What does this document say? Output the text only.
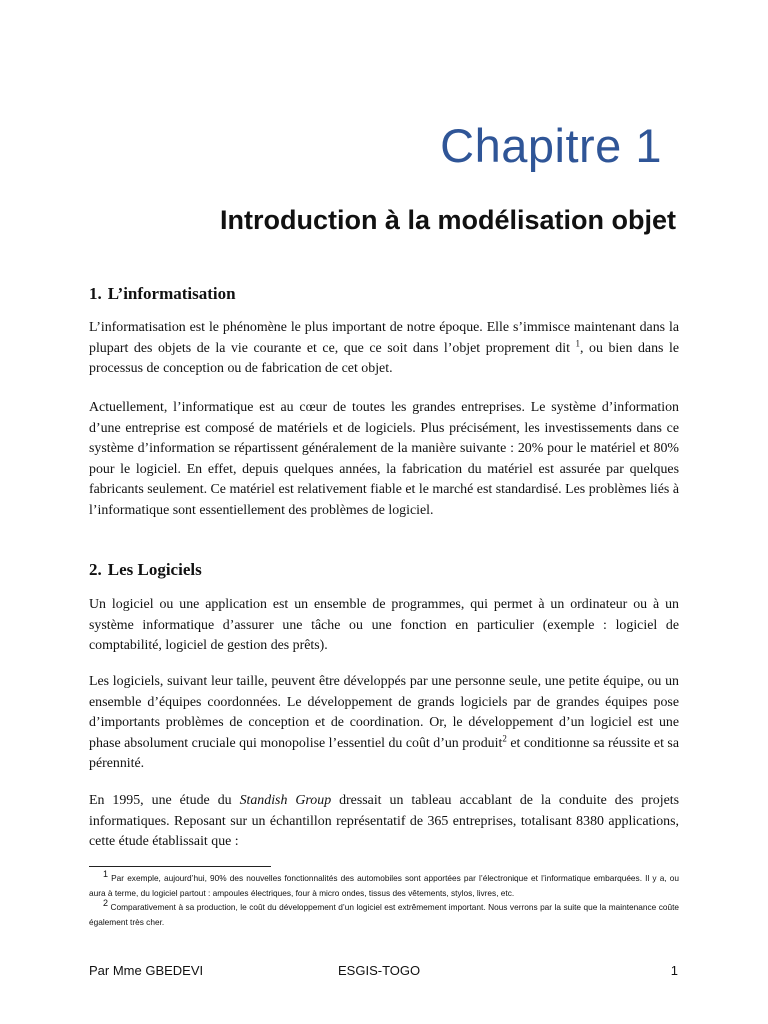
Chapitre 1
Introduction à la modélisation objet
1. L’informatisation

L’informatisation est le phénomène le plus important de notre époque. Elle s’immisce maintenant dans la plupart des objets de la vie courante et ce, que ce soit dans l’objet proprement dit $^1$, ou bien dans le processus de conception ou de fabrication de cet objet.

Actuellement, l’informatique est au cœur de toutes les grandes entreprises. Le système d’information d’une entreprise est composé de matériels et de logiciels. Plus précisément, les investissements dans ce système d’information se répartissent généralement de la manière suivante : 20% pour le matériel et 80% pour le logiciel. En effet, depuis quelques années, la fabrication du matériel est assurée par quelques fabricants seulement. Ce matériel est relativement fiable et le marché est standardisé. Les problèmes liés à l’informatique sont essentiellement des problèmes de logiciel.

2. Les Logiciels

Un logiciel ou une application est un ensemble de programmes, qui permet à un ordinateur ou à un système informatique d’assurer une tâche ou une fonction en particulier (exemple : logiciel de comptabilité, logiciel de gestion des prêts).

Les logiciels, suivant leur taille, peuvent être développés par une personne seule, une petite équipe, ou un ensemble d’équipes coordonnées. Le développement de grands logiciels par de grandes équipes pose d’importants problèmes de conception et de coordination. Or, le développement d’un logiciel est une phase absolument cruciale qui monopolise l’essentiel du coût d’un produit$^2$ et conditionne sa réussite et sa pérennité.

En 1995, une étude du Standish Group dressait un tableau accablant de la conduite des projets informatiques. Reposant sur un échantillon représentatif de 365 entreprises, totalisant 8380 applications, cette étude établissait que :

$^1$ Par exemple, aujourd’hui, 90% des nouvelles fonctionnalités des automobiles sont apportées par l’électronique et l’informatique embarquées. Il y a, ou aura à terme, du logiciel partout : ampoules électriques, four à micro ondes, tissus des vêtements, stylos, livres, etc.

$^2$ Comparativement à sa production, le coût du développement d’un logiciel est extrêmement important. Nous verrons par la suite que la maintenance coûte également très cher.

Par Mme GBEDEVI	ESGIS-TOGO	1
